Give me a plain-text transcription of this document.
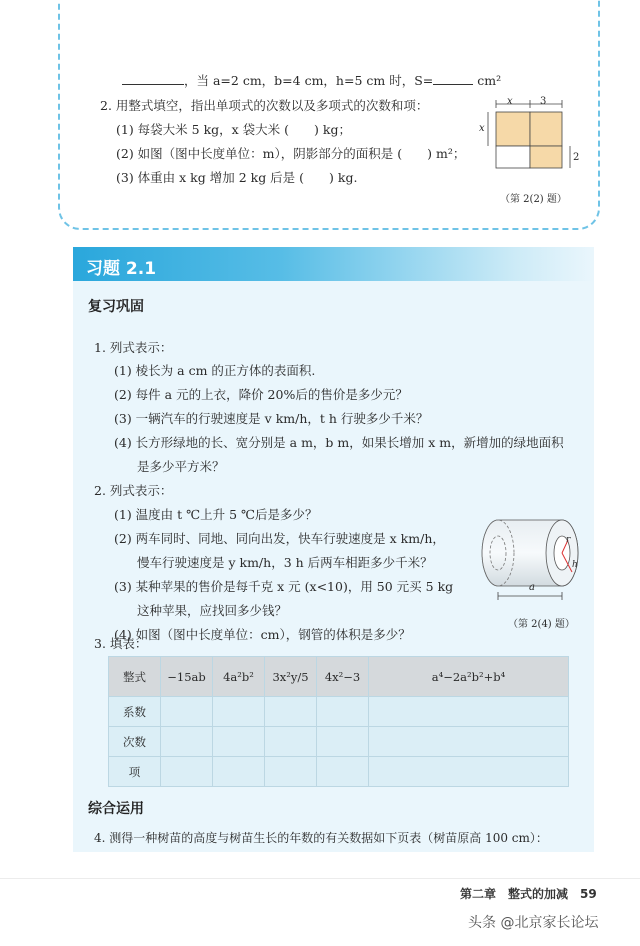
，当 a=2 cm，b=4 cm，h=5 cm 时，S=	cm²
2. 用整式填空，指出单项式的次数以及多项式的次数和项：
(1) 每袋大米 5 kg，x 袋大米 (　　) kg；
(2) 如图（图中长度单位：m），阴影部分的面积是 (　　) m²；
(3) 体重由 x kg 增加 2 kg 后是 (　　) kg.
x	3
x
2
（第 2(2) 题）
习题 2.1
复习巩固
1. 列式表示：
(1) 棱长为 a cm 的正方体的表面积.
(2) 每件 a 元的上衣，降价 20%后的售价是多少元？
(3) 一辆汽车的行驶速度是 v km/h，t h 行驶多少千米？
(4) 长方形绿地的长、宽分别是 a m，b m，如果长增加 x m，新增加的绿地面积
是多少平方米？
2. 列式表示：
(1) 温度由 t ℃上升 5 ℃后是多少？
(2) 两车同时、同地、同向出发，快车行驶速度是 x km/h，
慢车行驶速度是 y km/h，3 h 后两车相距多少千米？
(3) 某种苹果的售价是每千克 x 元 (x<10)，用 50 元买 5 kg
这种苹果，应找回多少钱？
(4) 如图（图中长度单位：cm），钢管的体积是多少？
a
r
h
（第 2(4) 题）
3. 填表：
整式	−15ab	4a²b²	3x²y/5	4x²−3	a⁴−2a²b²+b⁴
系数					
次数					
项					
综合运用
4. 测得一种树苗的高度与树苗生长的年数的有关数据如下页表（树苗原高 100 cm）：
第二章　整式的加减　59
头条 @北京家长论坛
